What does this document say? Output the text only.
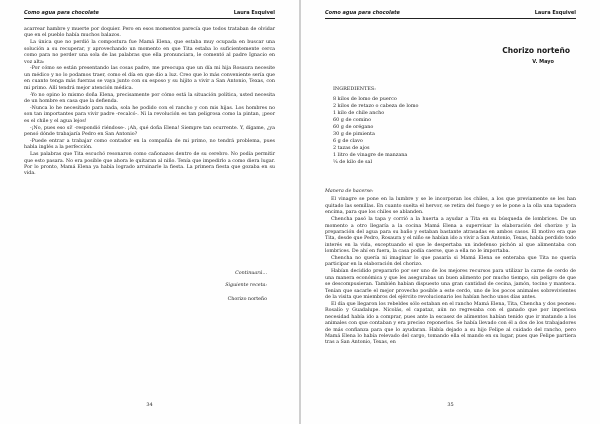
Como agua para chocolate	Laura Esquivel

acarrear hambre y muerte por doquier. Pero en esos momentos parecía que todos trataban de olvidar que en el pueblo había muchos balazos.

La única que no perdió la compostura fue Mamá Elena, que estaba muy ocupada en buscar una solución a su recuperar, y aprovechando un momento en que Tita estaba lo suficientemente cerca como para no perder una sola de las palabras que ella pronunciara, le comentó al padre Ignacio en voz alta:

-Por cómo se están presentando las cosas padre, me preocupa que un día mi hija Rosaura necesite un médico y no lo podamos traer, como el día en que dio a luz. Creo que lo más conveniente sería que en cuanto tenga más fuerzas se vaya junto con su esposo y su hijito a vivir a San Antonio, Texas, con mi primo. Allí tendrá mejor atención médica.

-Yo no opino lo mismo doña Elena, precisamente por cómo está la situación política, usted necesita de un hombre en casa que la defienda.

-Nunca lo he necesitado para nada, sola he podido con el rancho y con mis hijas. Los hombres no son tan importantes para vivir padre -recalcó-. Ni la revolución es tan peligrosa como la pintan, ¡peor es el chile y el agua lejos!

-¡No, pues eso sí! -respondió riéndose-. ¡Ah, qué doña Elena! Siempre tan ocurrente. Y, dígame, ¿ya pensó dónde trabajaría Pedro en San Antonio?

-Puede entrar a trabajar como contador en la compañía de mi primo, no tendrá problema, pues habla inglés a la perfección.

Las palabras que Tita escuchó resonaron como cañonazos dentro de su cerebro. No podía permitir que esto pasara. No era posible que ahora le quitaran al niño. Tenía que impedirlo a como diera lugar. Por lo pronto, Mamá Elena ya había logrado arruinarle la fiesta. La primera fiesta que gozaba en su vida.

Continuará...
Siguiente receta:
Chorizo norteño
34
Como agua para chocolate	Laura Esquivel
Chorizo norteño
V. Mayo
INGREDIENTES:
8 kilos de lomo de puerco
2 kilos de retazo o cabeza de lomo
1 kilo de chile ancho
60 g de comino
60 g de orégano
30 g de pimienta
6 g de clavo
2 tazas de ajos
1 litro de vinagre de manzana
¼ de kilo de sal

Manera de hacerse:

El vinagre se pone en la lumbre y se le incorporan los chiles, a los que previamente se les han quitado las semillas. En cuanto suelta el hervor, se retira del fuego y se le pone a la olla una tapadera encima, para que los chiles se ablanden.

Chencha pasó la tapa y corrió a la huerta a ayudar a Tita en su búsqueda de lombrices. De un momento a otro llegaría a la cocina Mamá Elena a supervisar la elaboración del chorizo y la preparación del agua para su baño y estaban bastante atrasadas en ambos casos. El motivo era que Tita, desde que Pedro, Rosaura y el niño se habían ido a vivir a San Antonio, Texas, había perdido todo interés en la vida, exceptuando el que le despertaba un indefenso pichón al que alimentaba con lombrices. De ahí en fuera, la casa podía caerse, que a ella no le importaba.

Chencha no quería ni imaginar lo que pasaría si Mamá Elena se enteraba que Tita no quería participar en la elaboración del chorizo.

Habían decidido prepararlo por ser uno de los mejores recursos para utilizar la carne de cerdo de una manera económica y que les asegurabas un buen alimento por mucho tiempo, sin peligro de que se descompusieran. También habían dispuesto una gran cantidad de cecina, jamón, tocino y manteca. Tenían que sacarle el mejor provecho posible a este cerdo, uno de los pocos animales sobrevivientes de la visita que miembros del ejército revolucionario les habían hecho unos días antes.

El día que llegaron los rebeldes sólo estaban en el rancho Mamá Elena, Tita, Chencha y dos peones: Rosalío y Guadalupe. Nicolás, el capataz, aún no regresaba con el ganado que por imperiosa necesidad había ido a comprar, pues ante la escasez de alimentos habían tenido que ir matando a los animales con que contaban y era preciso reponerlos. Se había llevado con él a dos de los trabajadores de más confianza para que lo ayudaran. Había dejado a su hijo Felipe al cuidado del rancho, pero Mamá Elena lo había relevado del cargo, tomando ella el mando en su lugar, pues que Felipe partiera tras a San Antonio, Texas, en

35
